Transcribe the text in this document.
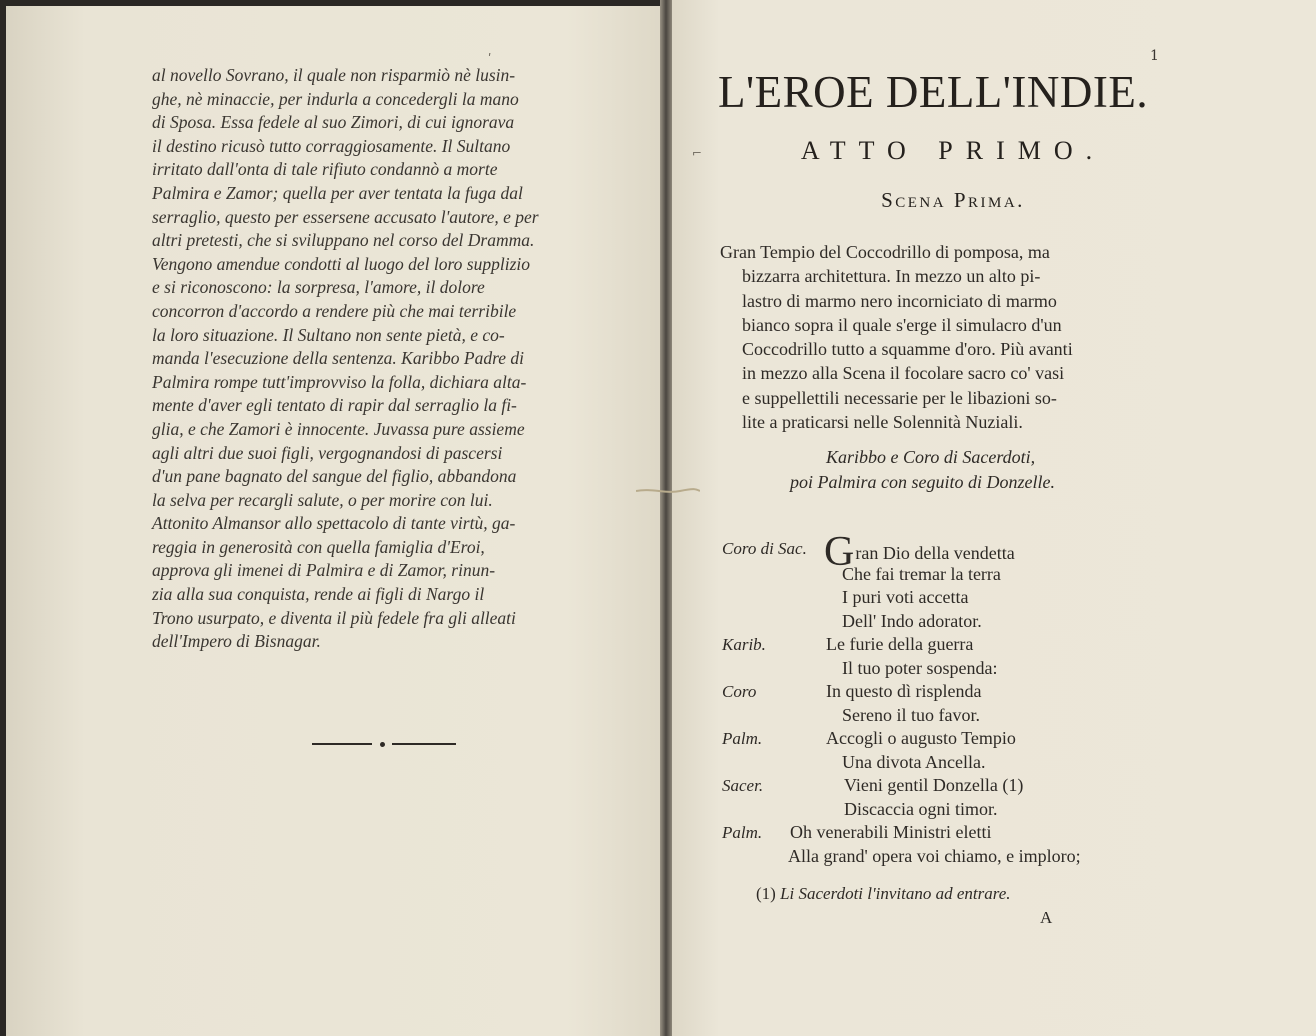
ʹ
⌐
al novello Sovrano, il quale non risparmiò nè lusin-
ghe, nè minaccie, per indurla a concedergli la mano
di Sposa. Essa fedele al suo Zimori, di cui ignorava
il destino ricusò tutto corraggiosamente. Il Sultano
irritato dall'onta di tale rifiuto condannò a morte
Palmira e Zamor; quella per aver tentata la fuga dal
serraglio, questo per essersene accusato l'autore, e per
altri pretesti, che si sviluppano nel corso del Dramma.
Vengono amendue condotti al luogo del loro supplizio
e si riconoscono: la sorpresa, l'amore, il dolore
concorron d'accordo a rendere più che mai terribile
la loro situazione. Il Sultano non sente pietà, e co-
manda l'esecuzione della sentenza. Karibbo Padre di
Palmira rompe tutt'improvviso la folla, dichiara alta-
mente d'aver egli tentato di rapir dal serraglio la fi-
glia, e che Zamori è innocente. Juvassa pure assieme
agli altri due suoi figli, vergognandosi di pascersi
d'un pane bagnato del sangue del figlio, abbandona
la selva per recargli salute, o per morire con lui.
Attonito Almansor allo spettacolo di tante virtù, ga-
reggia in generosità con quella famiglia d'Eroi,
approva gli imenei di Palmira e di Zamor, rinun-
zia alla sua conquista, rende ai figli di Nargo il
Trono usurpato, e diventa il più fedele fra gli alleati
dell'Impero di Bisnagar.
1
L'EROE DELL'INDIE.
ATTO PRIMO.
Scena Prima.
Gran Tempio del Coccodrillo di pomposa, ma
bizzarra architettura. In mezzo un alto pi-
lastro di marmo nero incorniciato di marmo
bianco sopra il quale s'erge il simulacro d'un
Coccodrillo tutto a squamme d'oro. Più avanti
in mezzo alla Scena il focolare sacro co' vasi
e suppellettili necessarie per le libazioni so-
lite a praticarsi nelle Solennità Nuziali.
Karibbo e Coro di Sacerdoti,
poi Palmira con seguito di Donzelle.
Coro di Sac. Gran Dio della vendetta
Che fai tremar la terra
I puri voti accetta
Dell' Indo adorator.
Karib.	Le furie della guerra
Il tuo poter sospenda:
Coro	In questo dì risplenda
Sereno il tuo favor.
Palm.	Accogli o augusto Tempio
Una divota Ancella.
Sacer.	Vieni gentil Donzella (1)
Discaccia ogni timor.
Palm. Oh venerabili Ministri eletti
Alla grand' opera voi chiamo, e imploro;
(1) Li Sacerdoti l'invitano ad entrare.
A
